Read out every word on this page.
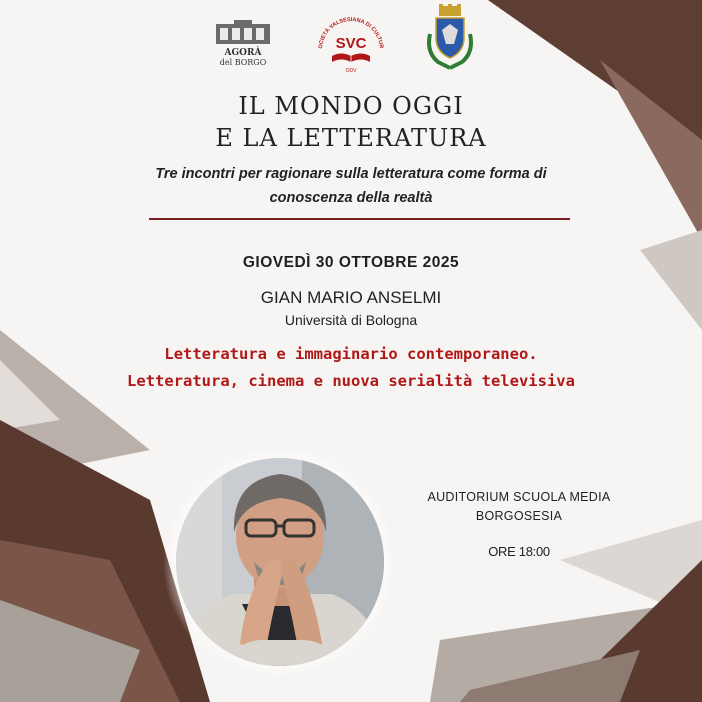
AGORÀ
del BORGO
OCIETÀ VALSESIANA DI CULTUR
SVC
ODV
IL MONDO OGGI
E LA LETTERATURA
Tre incontri per ragionare sulla letteratura come forma di
conoscenza della realtà
GIOVEDÌ 30 OTTOBRE 2025
GIAN MARIO ANSELMI
Università di Bologna
Letteratura e immaginario contemporaneo.
Letteratura, cinema e nuova serialità televisiva
AUDITORIUM SCUOLA MEDIA
BORGOSESIA
ORE 18:00
